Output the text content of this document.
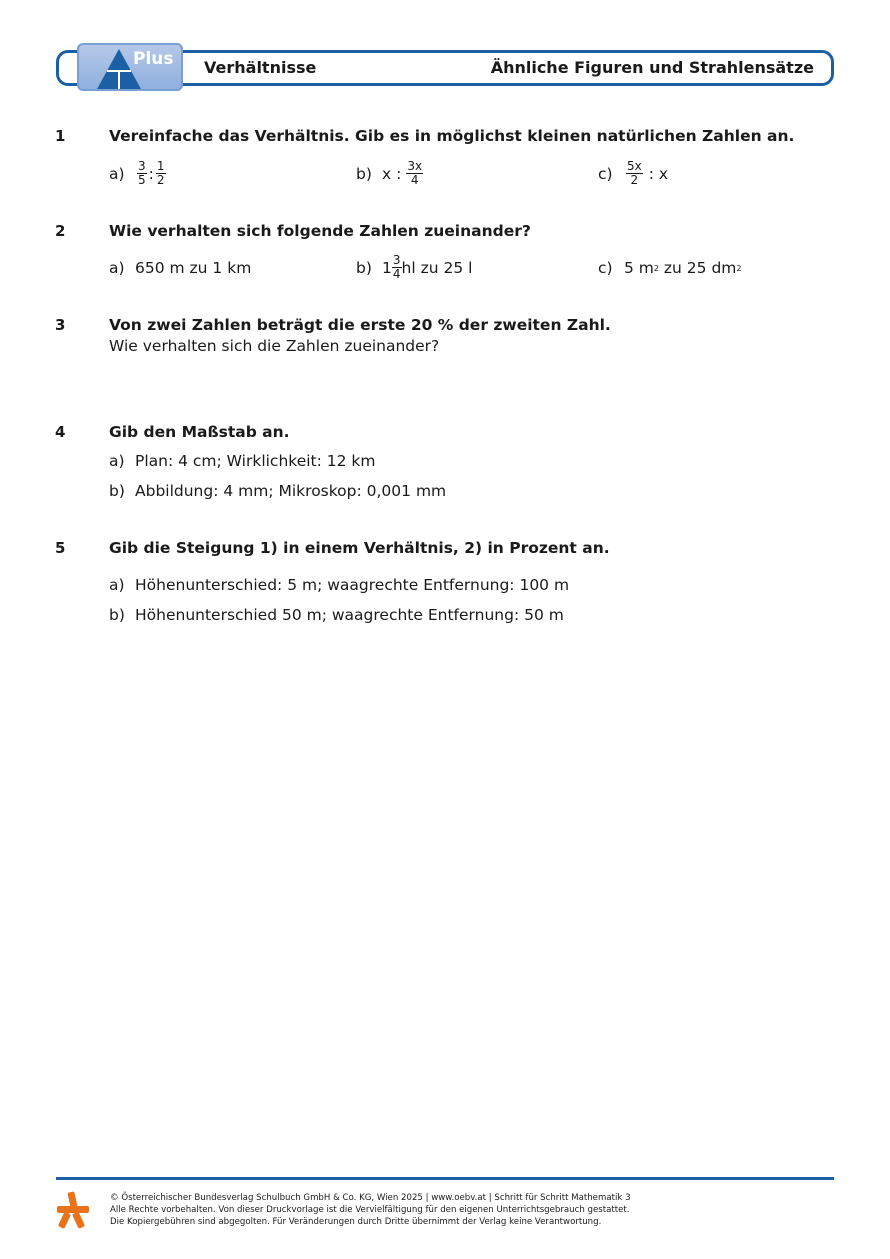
Plus Verhältnisse	Ähnliche Figuren und Strahlensätze
1	Vereinfache das Verhältnis. Gib es in möglichst kleinen natürlichen Zahlen an.
a)	$\frac{3}{5}$ : $\frac{1}{2}$	b) x : $\frac{3x}{4}$	c)	$\frac{5x}{2}$ : x
2	Wie verhalten sich folgende Zahlen zueinander?
a) 650 m zu 1 km	b) $1 \frac{3}{4}$ hl zu 25 l	c) 5 m 2 zu 25 dm 2
3	Von zwei Zahlen beträgt die erste 20 % der zweiten Zahl.
Wie verhalten sich die Zahlen zueinander?
4	Gib den Maßstab an.
a) Plan: 4 cm; Wirklichkeit: 12 km
b) Abbildung: 4 mm; Mikroskop: 0,001 mm
5	Gib die Steigung 1) in einem Verhältnis, 2) in Prozent an.
a) Höhenunterschied: 5 m; waagrechte Entfernung: 100 m
b) Höhenunterschied 50 m; waagrechte Entfernung: 50 m
© Österreichischer Bundesverlag Schulbuch GmbH & Co. KG, Wien 2025 | www.oebv.at | Schritt für Schritt Mathematik 3
Alle Rechte vorbehalten. Von dieser Druckvorlage ist die Vervielfältigung für den eigenen Unterrichtsgebrauch gestattet.
Die Kopiergebühren sind abgegolten. Für Veränderungen durch Dritte übernimmt der Verlag keine Verantwortung.
